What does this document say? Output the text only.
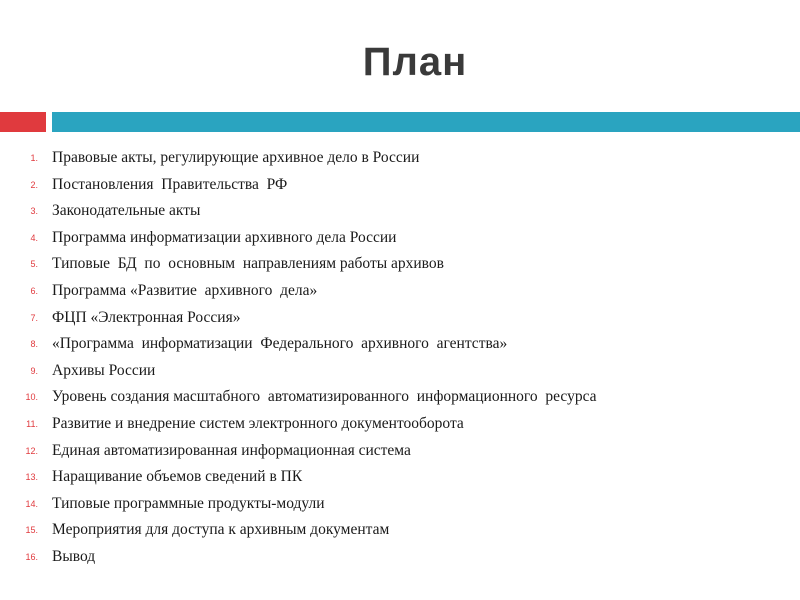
План
1. Правовые акты, регулирующие архивное дело в России
2. Постановления  Правительства  РФ
3. Законодательные акты
4. Программа информатизации архивного дела России
5. Типовые  БД  по  основным  направлениям работы архивов
6. Программа «Развитие  архивного  дела»
7. ФЦП «Электронная Россия»
8. «Программа  информатизации  Федерального  архивного  агентства»
9. Архивы России
10. Уровень создания масштабного  автоматизированного  информационного  ресурса
11. Развитие и внедрение систем электронного документооборота
12. Единая автоматизированная информационная система
13. Наращивание объемов сведений в ПК
14. Типовые программные продукты-модули
15. Мероприятия для доступа к архивным документам
16. Вывод
